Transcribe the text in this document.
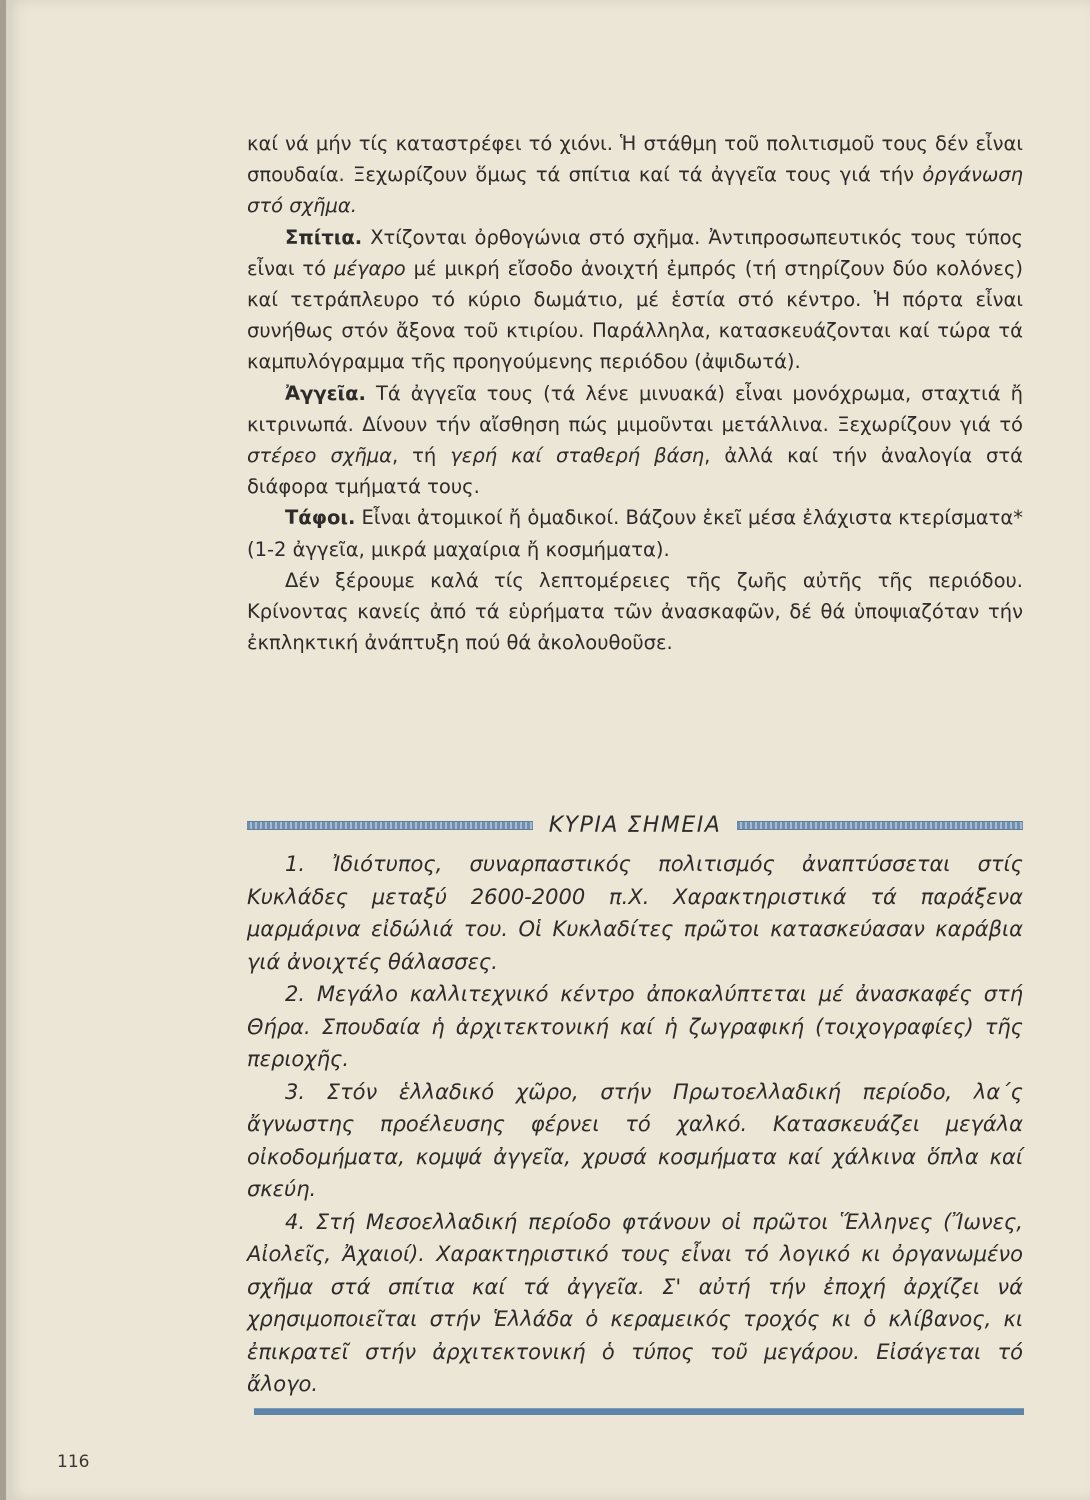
καί νά μήν τίς καταστρέφει τό χιόνι. Ἡ στάθμη τοῦ πολιτισμοῦ τους δέν εἶναι σπουδαία. Ξεχωρίζουν ὅμως τά σπίτια καί τά ἀγγεῖα τους γιά τήν ὀργάνωση στό σχῆμα.

Σπίτια. Χτίζονται ὀρθογώνια στό σχῆμα. Ἀντιπροσωπευτικός τους τύπος εἶναι τό μέγαρο μέ μικρή εἴσοδο ἀνοιχτή ἐμπρός (τή στηρίζουν δύο κολόνες) καί τετράπλευρο τό κύριο δωμάτιο, μέ ἑστία στό κέντρο. Ἡ πόρτα εἶναι συνήθως στόν ἄξονα τοῦ κτιρίου. Παράλληλα, κατασκευάζονται καί τώρα τά καμπυλόγραμμα τῆς προηγούμενης περιόδου (ἀψιδωτά).

Ἀγγεῖα. Τά ἀγγεῖα τους (τά λένε μινυακά) εἶναι μονόχρωμα, σταχτιά ἤ κιτρινωπά. Δίνουν τήν αἴσθηση πώς μιμοῦνται μετάλλινα. Ξεχωρίζουν γιά τό στέρεο σχῆμα, τή γερή καί σταθερή βάση, ἀλλά καί τήν ἀναλογία στά διάφορα τμήματά τους.

Τάφοι. Εἶναι ἀτομικοί ἤ ὁμαδικοί. Βάζουν ἐκεῖ μέσα ἐλάχιστα κτερίσματα* (1-2 ἀγγεῖα, μικρά μαχαίρια ἤ κοσμήματα).

Δέν ξέρουμε καλά τίς λεπτομέρειες τῆς ζωῆς αὐτῆς τῆς περιόδου. Κρίνοντας κανείς ἀπό τά εὑρήματα τῶν ἀνασκαφῶν, δέ θά ὑποψιαζόταν τήν ἐκπληκτική ἀνάπτυξη πού θά ἀκολουθοῦσε.

ΚΥΡΙΑ ΣΗΜΕΙΑ

1. Ἰδιότυπος, συναρπαστικός πολιτισμός ἀναπτύσσεται στίς Κυκλάδες μεταξύ 2600-2000 π.Χ. Χαρακτηριστικά τά παράξενα μαρμάρινα εἰδώλιά του. Οἱ Κυκλαδίτες πρῶτοι κατασκεύασαν καράβια γιά ἀνοιχτές θάλασσες.

2. Μεγάλο καλλιτεχνικό κέντρο ἀποκαλύπτεται μέ ἀνασκαφές στή Θήρα. Σπουδαία ἡ ἀρχιτεκτονική καί ἡ ζωγραφική (τοιχογραφίες) τῆς περιοχῆς.

3. Στόν ἑλλαδικό χῶρο, στήν Πρωτοελλαδική περίοδο, λα΄ς ἄγνωστης προέλευσης φέρνει τό χαλκό. Κατασκευάζει μεγάλα οἰκοδομήματα, κομψά ἀγγεῖα, χρυσά κοσμήματα καί χάλκινα ὅπλα καί σκεύη.

4. Στή Μεσοελλαδική περίοδο φτάνουν οἱ πρῶτοι Ἕλληνες (Ἴωνες, Αἰολεῖς, Ἀχαιοί). Χαρακτηριστικό τους εἶναι τό λογικό κι ὀργανωμένο σχῆμα στά σπίτια καί τά ἀγγεῖα. Σ' αὐτή τήν ἐποχή ἀρχίζει νά χρησιμοποιεῖται στήν Ἑλλάδα ὁ κεραμεικός τροχός κι ὁ κλίβανος, κι ἐπικρατεῖ στήν ἀρχιτεκτονική ὁ τύπος τοῦ μεγάρου. Εἰσάγεται τό ἄλογο.

116
